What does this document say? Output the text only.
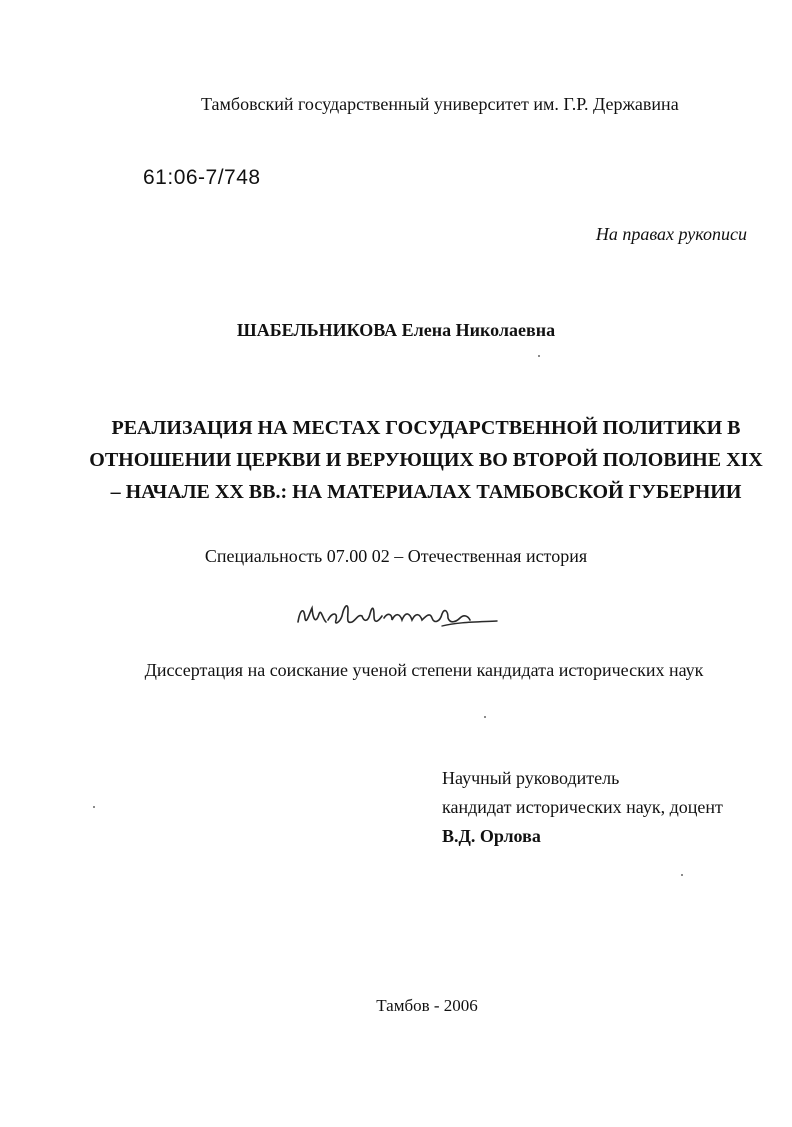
Тамбовский государственный университет им. Г.Р. Державина
61:06-7/748
На правах рукописи
ШАБЕЛЬНИКОВА Елена Николаевна
РЕАЛИЗАЦИЯ НА МЕСТАХ ГОСУДАРСТВЕННОЙ ПОЛИТИКИ В
ОТНОШЕНИИ ЦЕРКВИ И ВЕРУЮЩИХ ВО ВТОРОЙ ПОЛОВИНЕ XIX
– НАЧАЛЕ XX ВВ.: НА МАТЕРИАЛАХ ТАМБОВСКОЙ ГУБЕРНИИ
Специальность 07.00 02 – Отечественная история
Диссертация на соискание ученой степени кандидата исторических наук
Научный руководитель
кандидат исторических наук, доцент
В.Д. Орлова
Тамбов - 2006
